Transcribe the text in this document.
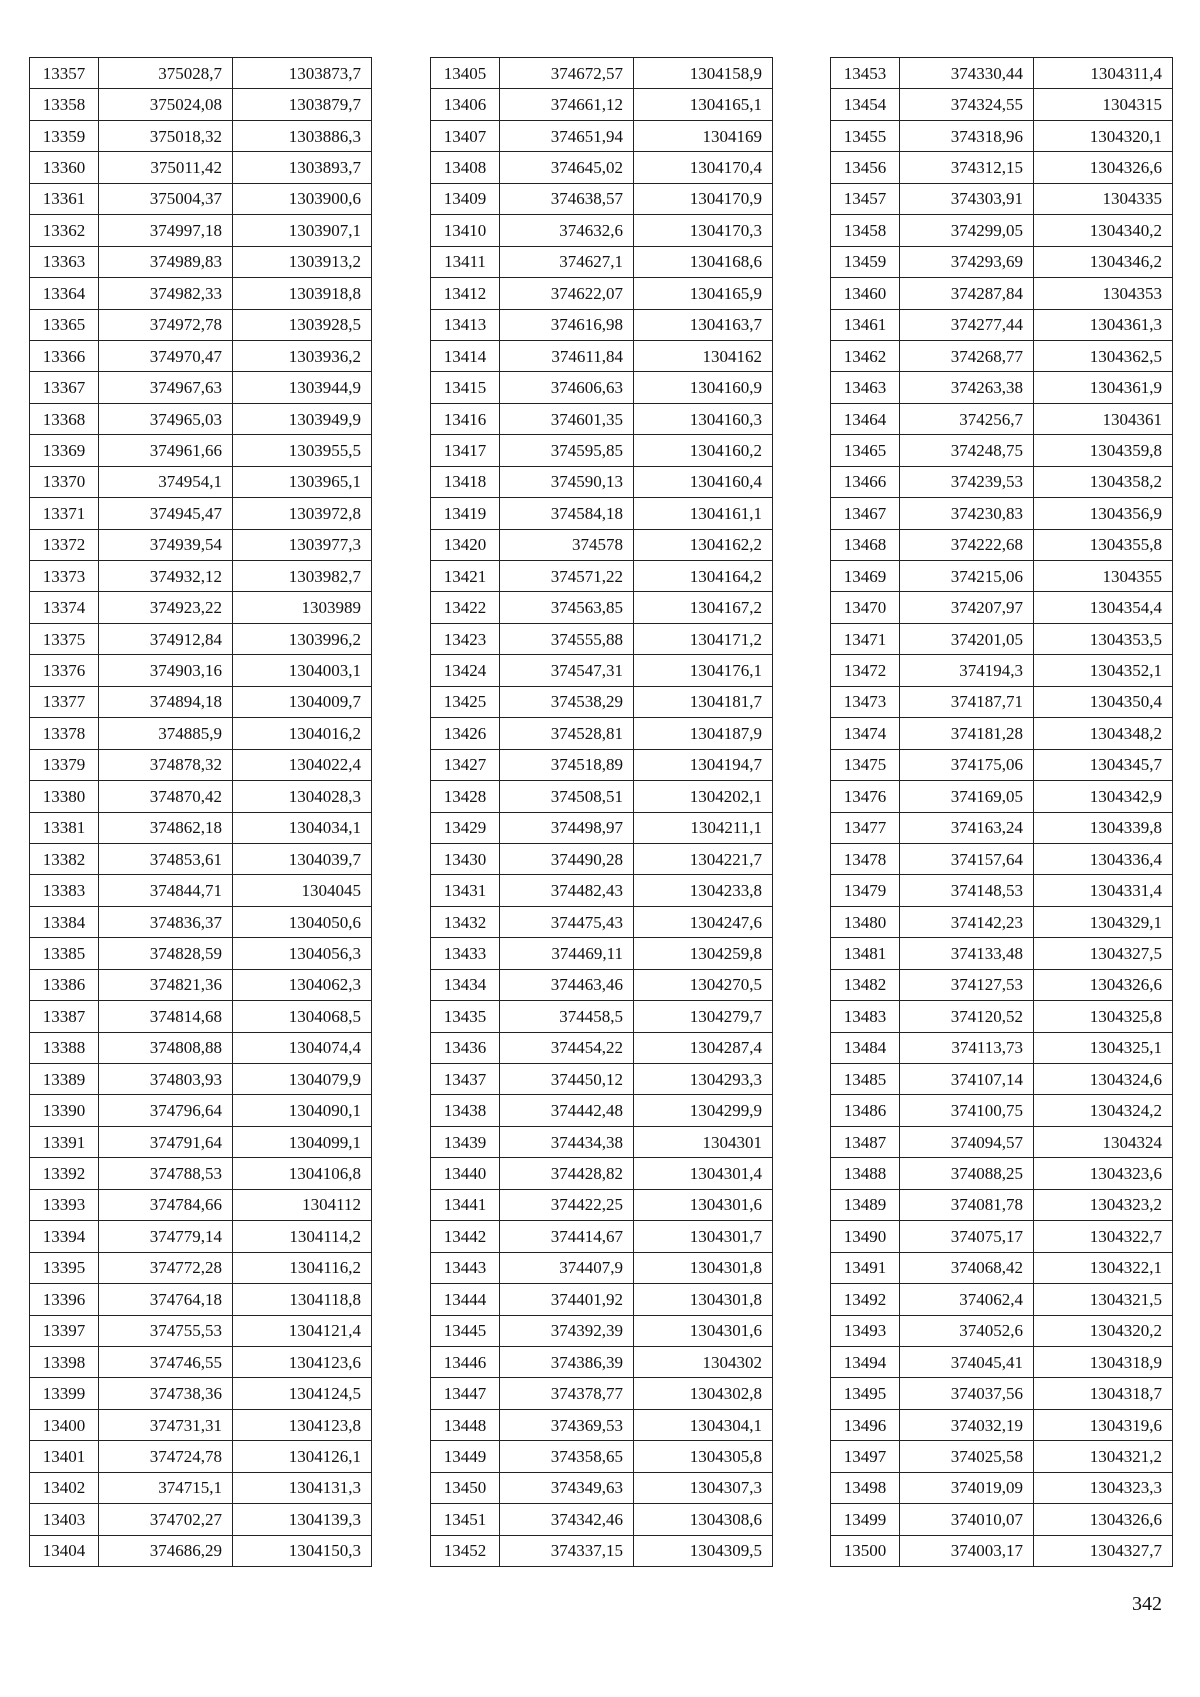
13357	375028,7	1303873,7
13358	375024,08	1303879,7
13359	375018,32	1303886,3
13360	375011,42	1303893,7
13361	375004,37	1303900,6
13362	374997,18	1303907,1
13363	374989,83	1303913,2
13364	374982,33	1303918,8
13365	374972,78	1303928,5
13366	374970,47	1303936,2
13367	374967,63	1303944,9
13368	374965,03	1303949,9
13369	374961,66	1303955,5
13370	374954,1	1303965,1
13371	374945,47	1303972,8
13372	374939,54	1303977,3
13373	374932,12	1303982,7
13374	374923,22	1303989
13375	374912,84	1303996,2
13376	374903,16	1304003,1
13377	374894,18	1304009,7
13378	374885,9	1304016,2
13379	374878,32	1304022,4
13380	374870,42	1304028,3
13381	374862,18	1304034,1
13382	374853,61	1304039,7
13383	374844,71	1304045
13384	374836,37	1304050,6
13385	374828,59	1304056,3
13386	374821,36	1304062,3
13387	374814,68	1304068,5
13388	374808,88	1304074,4
13389	374803,93	1304079,9
13390	374796,64	1304090,1
13391	374791,64	1304099,1
13392	374788,53	1304106,8
13393	374784,66	1304112
13394	374779,14	1304114,2
13395	374772,28	1304116,2
13396	374764,18	1304118,8
13397	374755,53	1304121,4
13398	374746,55	1304123,6
13399	374738,36	1304124,5
13400	374731,31	1304123,8
13401	374724,78	1304126,1
13402	374715,1	1304131,3
13403	374702,27	1304139,3
13404	374686,29	1304150,3
13405	374672,57	1304158,9
13406	374661,12	1304165,1
13407	374651,94	1304169
13408	374645,02	1304170,4
13409	374638,57	1304170,9
13410	374632,6	1304170,3
13411	374627,1	1304168,6
13412	374622,07	1304165,9
13413	374616,98	1304163,7
13414	374611,84	1304162
13415	374606,63	1304160,9
13416	374601,35	1304160,3
13417	374595,85	1304160,2
13418	374590,13	1304160,4
13419	374584,18	1304161,1
13420	374578	1304162,2
13421	374571,22	1304164,2
13422	374563,85	1304167,2
13423	374555,88	1304171,2
13424	374547,31	1304176,1
13425	374538,29	1304181,7
13426	374528,81	1304187,9
13427	374518,89	1304194,7
13428	374508,51	1304202,1
13429	374498,97	1304211,1
13430	374490,28	1304221,7
13431	374482,43	1304233,8
13432	374475,43	1304247,6
13433	374469,11	1304259,8
13434	374463,46	1304270,5
13435	374458,5	1304279,7
13436	374454,22	1304287,4
13437	374450,12	1304293,3
13438	374442,48	1304299,9
13439	374434,38	1304301
13440	374428,82	1304301,4
13441	374422,25	1304301,6
13442	374414,67	1304301,7
13443	374407,9	1304301,8
13444	374401,92	1304301,8
13445	374392,39	1304301,6
13446	374386,39	1304302
13447	374378,77	1304302,8
13448	374369,53	1304304,1
13449	374358,65	1304305,8
13450	374349,63	1304307,3
13451	374342,46	1304308,6
13452	374337,15	1304309,5
13453	374330,44	1304311,4
13454	374324,55	1304315
13455	374318,96	1304320,1
13456	374312,15	1304326,6
13457	374303,91	1304335
13458	374299,05	1304340,2
13459	374293,69	1304346,2
13460	374287,84	1304353
13461	374277,44	1304361,3
13462	374268,77	1304362,5
13463	374263,38	1304361,9
13464	374256,7	1304361
13465	374248,75	1304359,8
13466	374239,53	1304358,2
13467	374230,83	1304356,9
13468	374222,68	1304355,8
13469	374215,06	1304355
13470	374207,97	1304354,4
13471	374201,05	1304353,5
13472	374194,3	1304352,1
13473	374187,71	1304350,4
13474	374181,28	1304348,2
13475	374175,06	1304345,7
13476	374169,05	1304342,9
13477	374163,24	1304339,8
13478	374157,64	1304336,4
13479	374148,53	1304331,4
13480	374142,23	1304329,1
13481	374133,48	1304327,5
13482	374127,53	1304326,6
13483	374120,52	1304325,8
13484	374113,73	1304325,1
13485	374107,14	1304324,6
13486	374100,75	1304324,2
13487	374094,57	1304324
13488	374088,25	1304323,6
13489	374081,78	1304323,2
13490	374075,17	1304322,7
13491	374068,42	1304322,1
13492	374062,4	1304321,5
13493	374052,6	1304320,2
13494	374045,41	1304318,9
13495	374037,56	1304318,7
13496	374032,19	1304319,6
13497	374025,58	1304321,2
13498	374019,09	1304323,3
13499	374010,07	1304326,6
13500	374003,17	1304327,7
342
